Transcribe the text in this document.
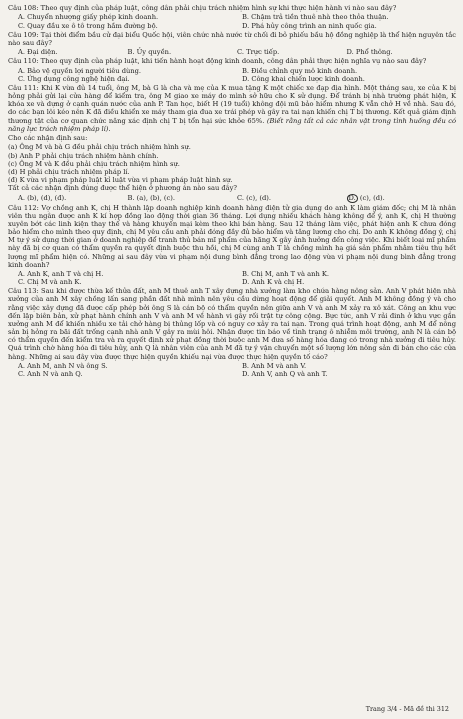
Câu 108: Theo quy định của pháp luật, công dân phải chịu trách nhiệm hình sự khi thực hiện hành vi nào sau đây?

A. Chuyển nhượng giấy phép kinh doanh.	B. Chậm trả tiền thuê nhà theo thỏa thuận.
C. Quay đầu xe ô tô trong hầm đường bộ.	D. Phá hủy công trình an ninh quốc gia.

Câu 109: Tại thời điểm bầu cử đại biểu Quốc hội, viên chức nhà nước từ chối đi bỏ phiếu bầu hộ đồng nghiệp là thể hiện nguyên tắc nào sau đây?

A. Đại diện.	B. Ủy quyền.	C. Trực tiếp.	D. Phổ thông.

Câu 110: Theo quy định của pháp luật, khi tiến hành hoạt động kinh doanh, công dân phải thực hiện nghĩa vụ nào sau đây?

A. Bảo vệ quyền lợi người tiêu dùng.	B. Điều chỉnh quy mô kinh doanh.
C. Ứng dụng công nghệ hiện đại.	D. Công khai chiến lược kinh doanh.

Câu 111: Khi K vừa đủ 14 tuổi, ông M, bà G là cha và mẹ của K mua tặng K một chiếc xe đạp địa hình. Một tháng sau, xe của K bị hỏng phải gửi lại cửa hàng để kiểm tra, ông M giao xe máy do mình sở hữu cho K sử dụng. Để tránh bị nhà trường phát hiện, K khóa xe và dựng ở cạnh quán nước của anh P. Tan học, biết H (19 tuổi) không đội mũ bảo hiểm nhưng K vẫn chở H về nhà. Sau đó, do các bạn lôi kéo nên K đã điều khiển xe máy tham gia đua xe trái phép và gây ra tai nạn khiến chị T bị thương. Kết quả giám định thương tật của cơ quan chức năng xác định chị T bị tổn hại sức khỏe 65%. (Biết rằng tất cả các nhân vật trong tình huống đều có năng lực trách nhiệm pháp lí).

Cho các nhận định sau:

(a) Ông M và bà G đều phải chịu trách nhiệm hình sự.

(b) Anh P phải chịu trách nhiệm hành chính.

(c) Ông M và K đều phải chịu trách nhiệm hình sự.

(d) H phải chịu trách nhiệm pháp lí.

(đ) K vừa vi phạm pháp luật kỉ luật vừa vi phạm pháp luật hình sự.

Tất cả các nhận định đúng được thể hiện ở phương án nào sau đây?

A. (b), (d), (đ).	B. (a), (b), (c).	C. (c), (d).	D. (c), (d).

Câu 112: Vợ chồng anh K, chị H thành lập doanh nghiệp kinh doanh hàng điện tử gia dụng do anh K làm giám đốc; chị M là nhân viên thu ngân được anh K kí hợp đồng lao động thời gian 36 tháng. Lợi dụng nhiều khách hàng không để ý, anh K, chị H thường xuyên bớt các linh kiện thay thế và hàng khuyến mại kèm theo khi bán hàng. Sau 12 tháng làm việc, phát hiện anh K chưa đóng bảo hiểm cho mình theo quy định, chị M yêu cầu anh phải đóng đầy đủ bảo hiểm và tăng lương cho chị. Do anh K không đồng ý, chị M tự ý sử dụng thời gian ở doanh nghiệp để tranh thủ bán mĩ phẩm của hãng X gây ảnh hưởng đến công việc. Khi biết loại mĩ phẩm này đã bị cơ quan có thẩm quyền ra quyết định buộc thu hồi, chị M cùng anh T là chồng mình hạ giá sản phẩm nhằm tiêu thụ hết lượng mĩ phẩm hiện có. Những ai sau đây vừa vi phạm nội dung bình đẳng trong lao động vừa vi phạm nội dung bình đẳng trong kinh doanh?

A. Anh K, anh T và chị H.	B. Chị M, anh T và anh K.
C. Chị M và anh K.	D. Anh K và chị H.

Câu 113: Sau khi được thừa kế thửa đất, anh M thuê anh T xây dựng nhà xưởng làm kho chứa hàng nông sản. Anh V phát hiện nhà xưởng của anh M xây chồng lấn sang phần đất nhà mình nên yêu cầu dừng hoạt động để giải quyết. Anh M không đồng ý và cho rằng việc xây dựng đã được cấp phép bởi ông S là cán bộ có thẩm quyền nên giữa anh V và anh M xảy ra xô xát. Công an khu vực đến lập biên bản, xử phạt hành chính anh V và anh M về hành vi gây rối trật tự công cộng. Bực tức, anh V rải đinh ở khu vực gần xưởng anh M để khiến nhiều xe tải chở hàng bị thủng lốp và có nguy cơ xảy ra tai nạn. Trong quá trình hoạt động, anh M để nông sản bị hỏng ra bãi đất trống cạnh nhà anh V gây ra mùi hôi. Nhận được tin báo về tình trạng ô nhiễm môi trường, anh N là cán bộ có thẩm quyền đến kiểm tra và ra quyết định xử phạt đồng thời buộc anh M đưa số hàng hóa đang có trong nhà xưởng đi tiêu hủy. Quá trình chờ hàng hóa đi tiêu hủy, anh Q là nhân viên của anh M đã tự ý vận chuyển một số lượng lớn nông sản đi bán cho các cửa hàng. Những ai sau đây vừa được thực hiện quyền khiếu nại vừa được thực hiện quyền tố cáo?

A. Anh M, anh N và ông S.	B. Anh M và anh V.
C. Anh N và anh Q.	D. Anh V, anh Q và anh T.
Trang 3/4 - Mã đề thi 312
